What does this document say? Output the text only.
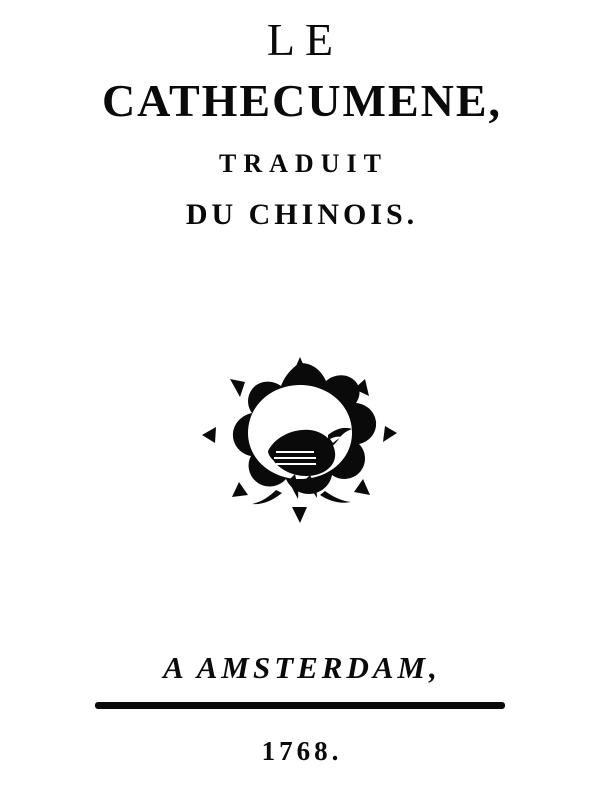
LE
CATHECUMENE,
TRADUIT
DU CHINOIS.
A AMSTERDAM,
1768.
